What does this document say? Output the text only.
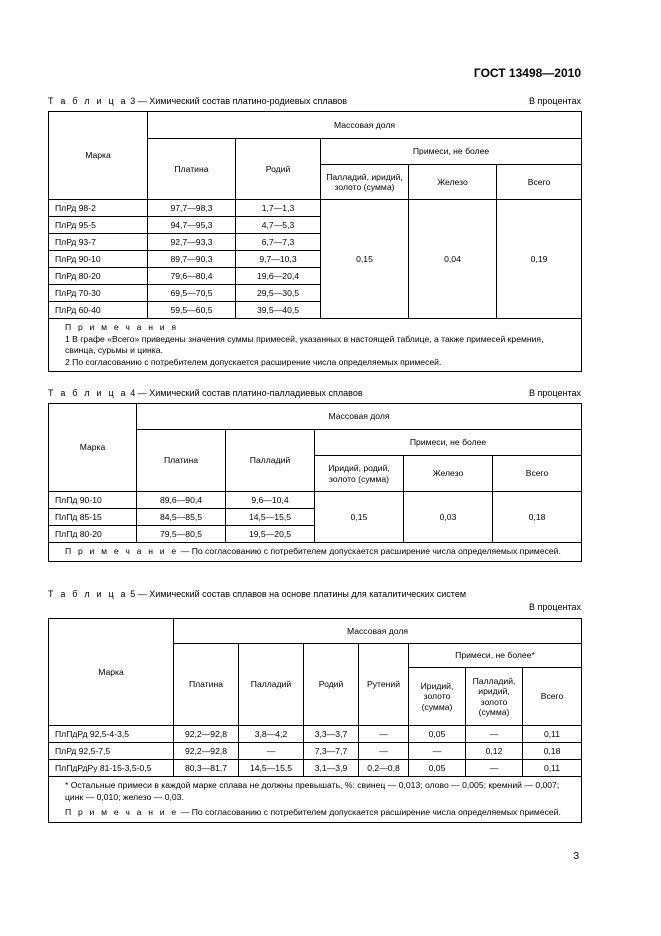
ГОСТ 13498—2010
Т а б л и ц а 3 — Химический состав платино-родиевых сплавов	В процентах
Марка	Массовая доля				
	Платина	Родий	Примеси, не более		
			Палладий, иридий, золото (сумма)	Железо	Всего
ПлРд 98-2	97,7—98,3	1,7—1,3	0,15	0,04	0,19
ПлРд 95-5	94,7—95,3	4,7—5,3			
ПлРд 93-7	92,7—93,3	6,7—7,3			
ПлРд 90-10	89,7—90,3	9,7—10,3			
ПлРд 80-20	79,6—80,4	19,6—20,4			
ПлРд 70-30	69,5—70,5	29,5—30,5			
ПлРд 60-40	59,5—60,5	39,5—40,5			

П р и м е ч а н и я
1 В графе «Всего» приведены значения суммы примесей, указанных в настоящей таблице, а также примесей кремния, свинца, сурьмы и цинка.
2 По согласованию с потребителем допускается расширение числа определяемых примесей.					
Т а б л и ц а 4 — Химический состав платино-палладиевых сплавов	В процентах
Марка	Массовая доля				
	Платина	Палладий	Примеси, не более		
			Иридий, родий, золото (сумма)	Железо	Всего
ПлПд 90-10	89,6—90,4	9,6—10,4	0,15	0,03	0,18
ПлПд 85-15	84,5—85,5	14,5—15,5			
ПлПд 80-20	79,5—80,5	19,5—20,5			

П р и м е ч а н и е — По согласованию с потребителем допускается расширение числа определяемых примесей.					
Т а б л и ц а 5 — Химический состав сплавов на основе платины для каталитических систем
В процентах
Марка	Массовая доля						
	Платина	Палладий	Родий	Рутений	Примеси, не более*		
					Иридий, золото (сумма)	Палладий, иридий, золото (сумма)	Всего
ПлПдРд 92,5-4-3,5	92,2—92,8	3,8—4,2	3,3—3,7	—	0,05	—	0,11
ПлРд 92,5-7,5	92,2—92,8	—	7,3—7,7	—	—	0,12	0,18
ПлПдРдРу 81-15-3,5-0,5	80,3—81,7	14,5—15,5	3,1—3,9	0,2—0,8	0,05	—	0,11

* Остальные примеси в каждой марке сплава не должны превышать, %: свинец — 0,013; олово — 0,005; кремний — 0,007; цинк — 0,010; железо — 0,03.
П р и м е ч а н и е — По согласованию с потребителем допускается расширение числа определяемых примесей.							
3
